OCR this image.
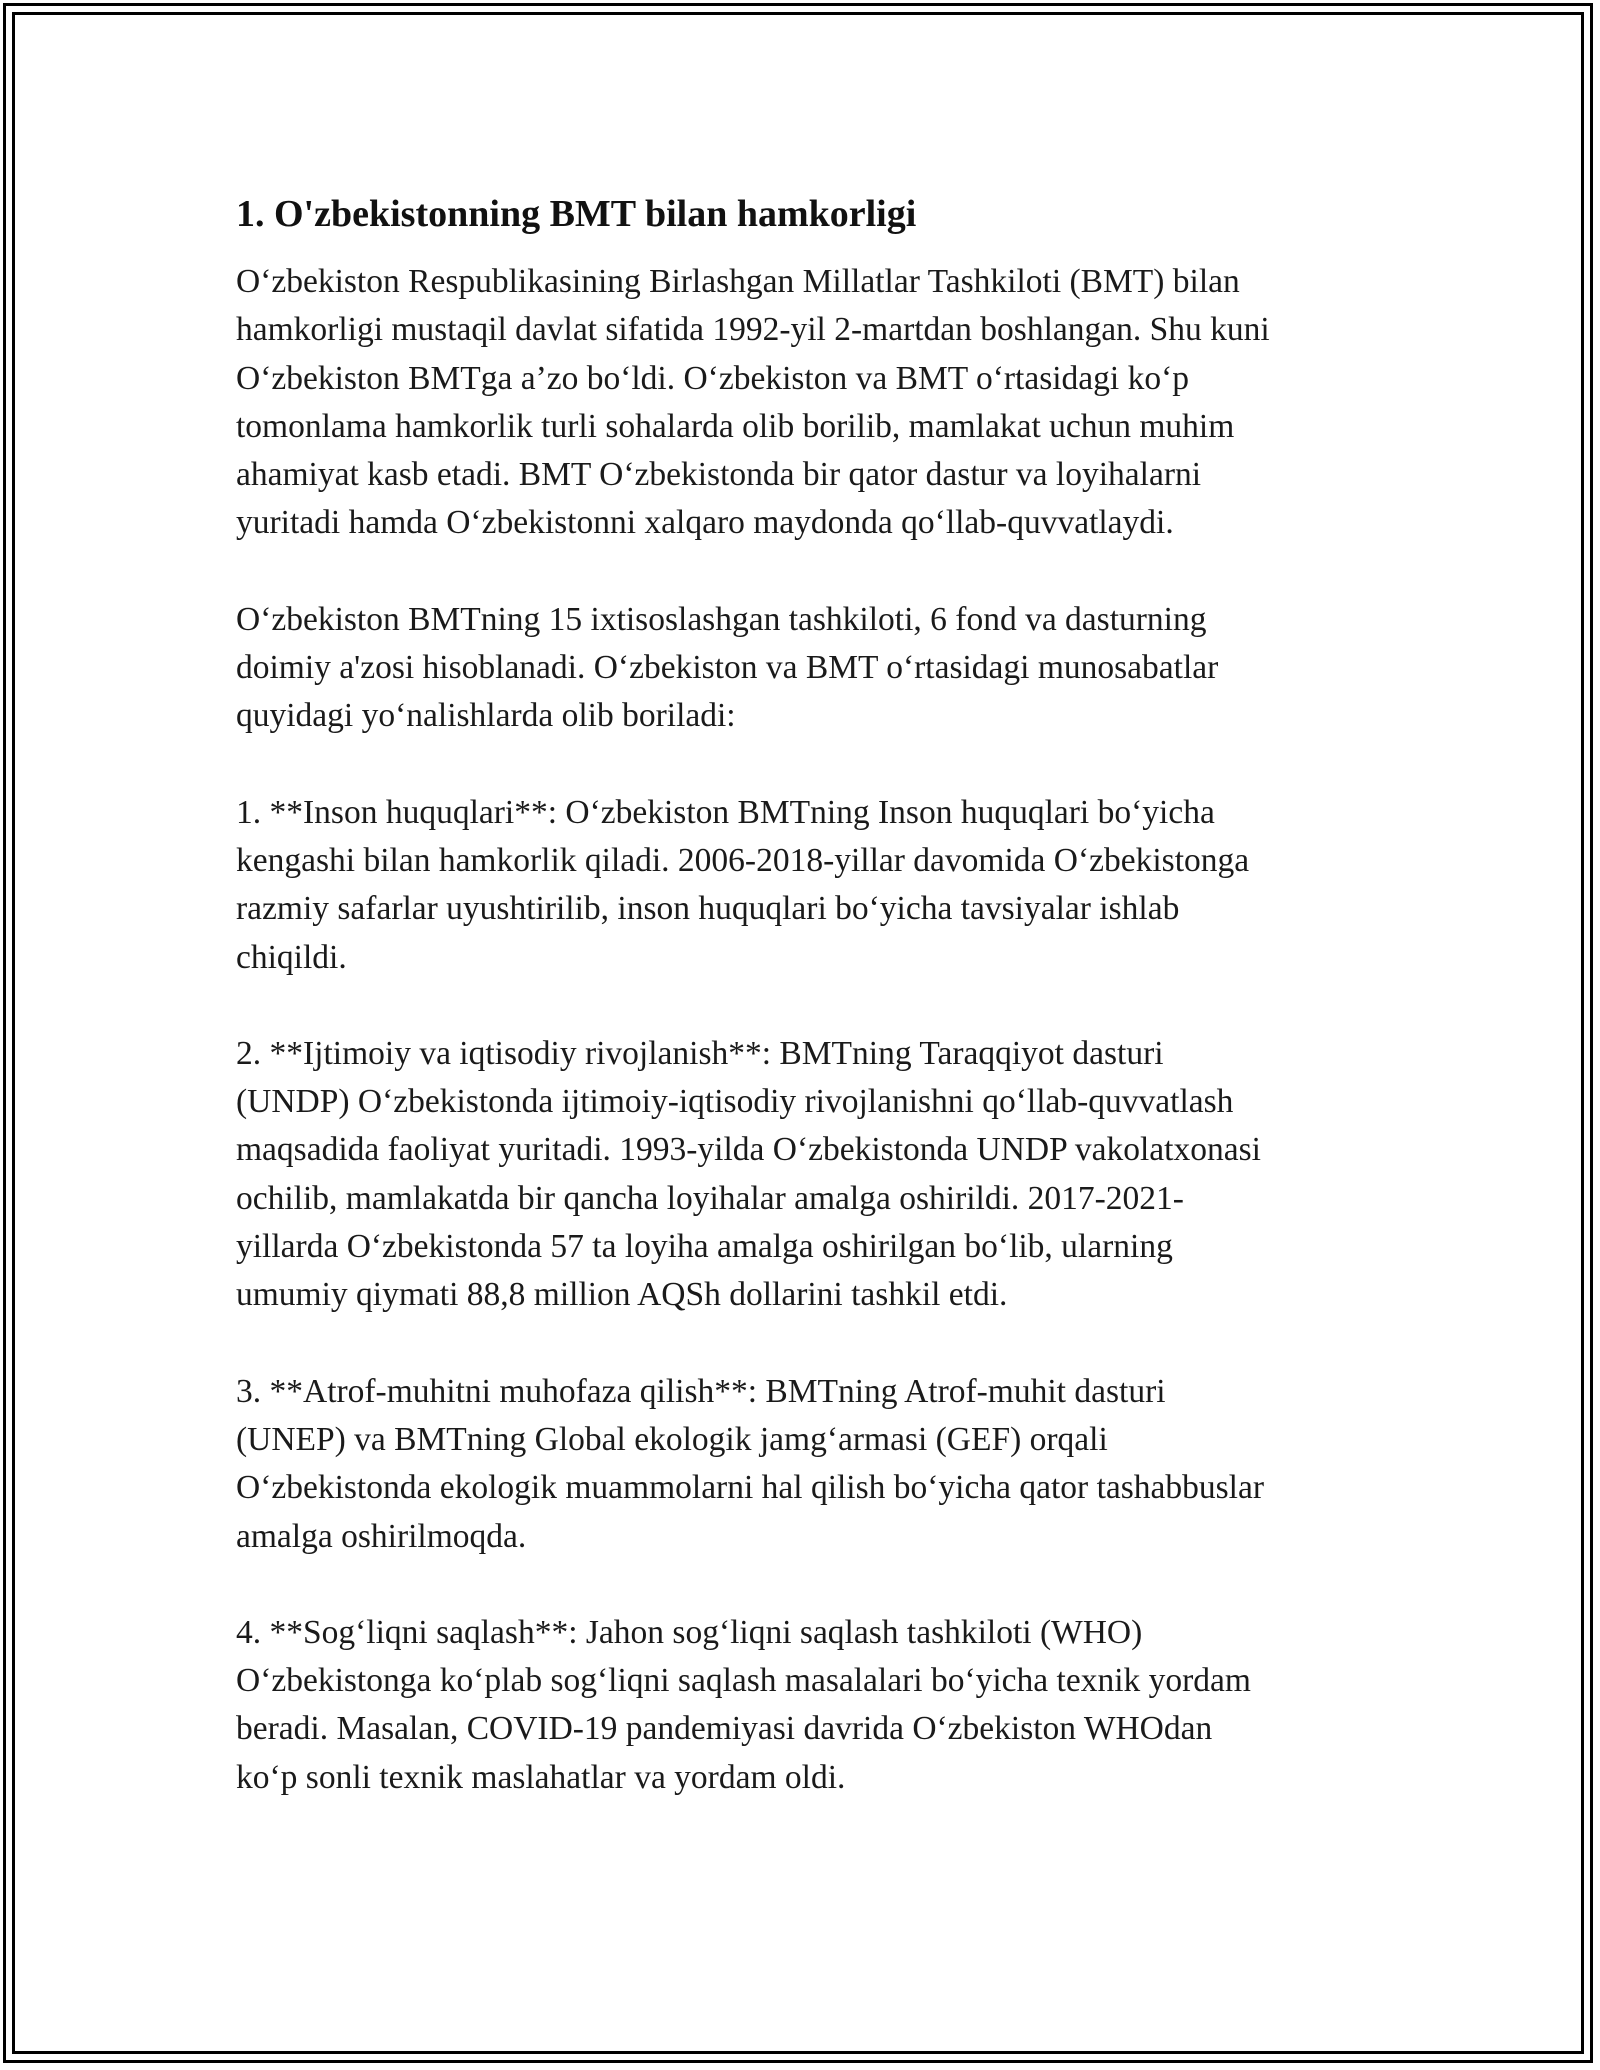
1. O'zbekistonning BMT bilan hamkorligi

O‘zbekiston Respublikasining Birlashgan Millatlar Tashkiloti (BMT) bilan
hamkorligi mustaqil davlat sifatida 1992-yil 2-martdan boshlangan. Shu kuni
O‘zbekiston BMTga a’zo bo‘ldi. O‘zbekiston va BMT o‘rtasidagi ko‘p
tomonlama hamkorlik turli sohalarda olib borilib, mamlakat uchun muhim
ahamiyat kasb etadi. BMT O‘zbekistonda bir qator dastur va loyihalarni
yuritadi hamda O‘zbekistonni xalqaro maydonda qo‘llab-quvvatlaydi.

O‘zbekiston BMTning 15 ixtisoslashgan tashkiloti, 6 fond va dasturning
doimiy a'zosi hisoblanadi. O‘zbekiston va BMT o‘rtasidagi munosabatlar
quyidagi yo‘nalishlarda olib boriladi:

1. **Inson huquqlari**: O‘zbekiston BMTning Inson huquqlari bo‘yicha
kengashi bilan hamkorlik qiladi. 2006-2018-yillar davomida O‘zbekistonga
razmiy safarlar uyushtirilib, inson huquqlari bo‘yicha tavsiyalar ishlab
chiqildi.

2. **Ijtimoiy va iqtisodiy rivojlanish**: BMTning Taraqqiyot dasturi
(UNDP) O‘zbekistonda ijtimoiy-iqtisodiy rivojlanishni qo‘llab-quvvatlash
maqsadida faoliyat yuritadi. 1993-yilda O‘zbekistonda UNDP vakolatxonasi
ochilib, mamlakatda bir qancha loyihalar amalga oshirildi. 2017-2021-
yillarda O‘zbekistonda 57 ta loyiha amalga oshirilgan bo‘lib, ularning
umumiy qiymati 88,8 million AQSh dollarini tashkil etdi.

3. **Atrof-muhitni muhofaza qilish**: BMTning Atrof-muhit dasturi
(UNEP) va BMTning Global ekologik jamg‘armasi (GEF) orqali
O‘zbekistonda ekologik muammolarni hal qilish bo‘yicha qator tashabbuslar
amalga oshirilmoqda.

4. **Sog‘liqni saqlash**: Jahon sog‘liqni saqlash tashkiloti (WHO)
O‘zbekistonga ko‘plab sog‘liqni saqlash masalalari bo‘yicha texnik yordam
beradi. Masalan, COVID-19 pandemiyasi davrida O‘zbekiston WHOdan
ko‘p sonli texnik maslahatlar va yordam oldi.
